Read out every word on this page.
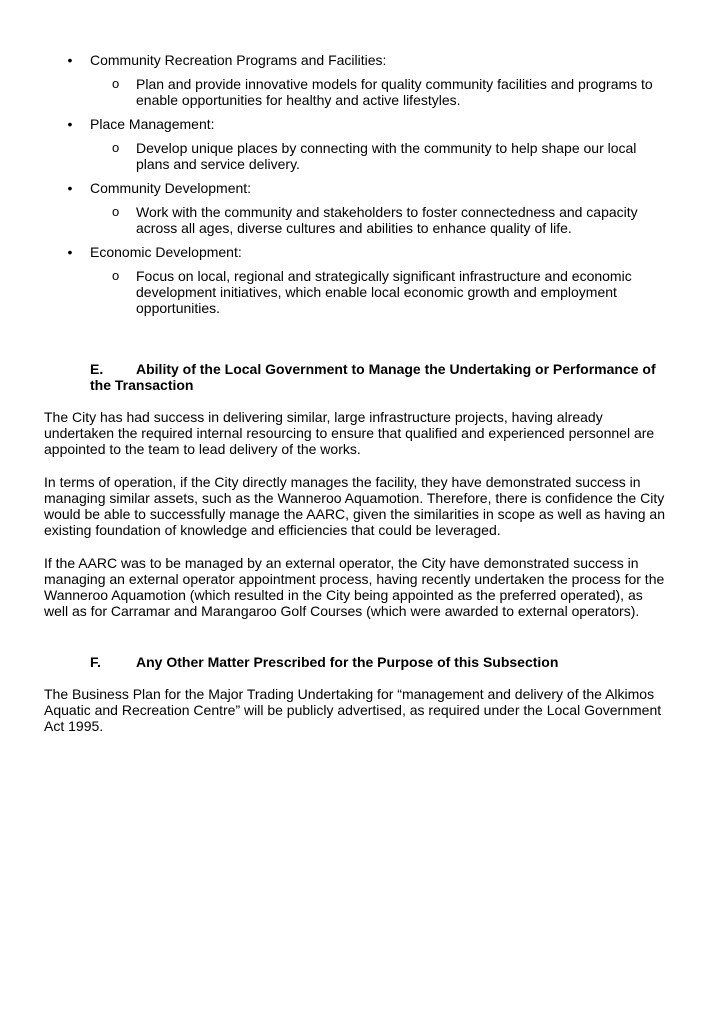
•	Community Recreation Programs and Facilities:
o Plan and provide innovative models for quality community facilities and programs to enable opportunities for healthy and active lifestyles.
•	Place Management:
o Develop unique places by connecting with the community to help shape our local plans and service delivery.
•	Community Development:
o Work with the community and stakeholders to foster connectedness and capacity across all ages, diverse cultures and abilities to enhance quality of life.
•	Economic Development:
o Focus on local, regional and strategically significant infrastructure and economic development initiatives, which enable local economic growth and employment opportunities.
E. Ability of the Local Government to Manage the Undertaking or Performance of the Transaction

The City has had success in delivering similar, large infrastructure projects, having already undertaken the required internal resourcing to ensure that qualified and experienced personnel are appointed to the team to lead delivery of the works.

In terms of operation, if the City directly manages the facility, they have demonstrated success in managing similar assets, such as the Wanneroo Aquamotion. Therefore, there is confidence the City would be able to successfully manage the AARC, given the similarities in scope as well as having an existing foundation of knowledge and efficiencies that could be leveraged.

If the AARC was to be managed by an external operator, the City have demonstrated success in managing an external operator appointment process, having recently undertaken the process for the Wanneroo Aquamotion (which resulted in the City being appointed as the preferred operated), as well as for Carramar and Marangaroo Golf Courses (which were awarded to external operators).

F.	Any Other Matter Prescribed for the Purpose of this Subsection

The Business Plan for the Major Trading Undertaking for “management and delivery of the Alkimos Aquatic and Recreation Centre” will be publicly advertised, as required under the Local Government Act 1995.
